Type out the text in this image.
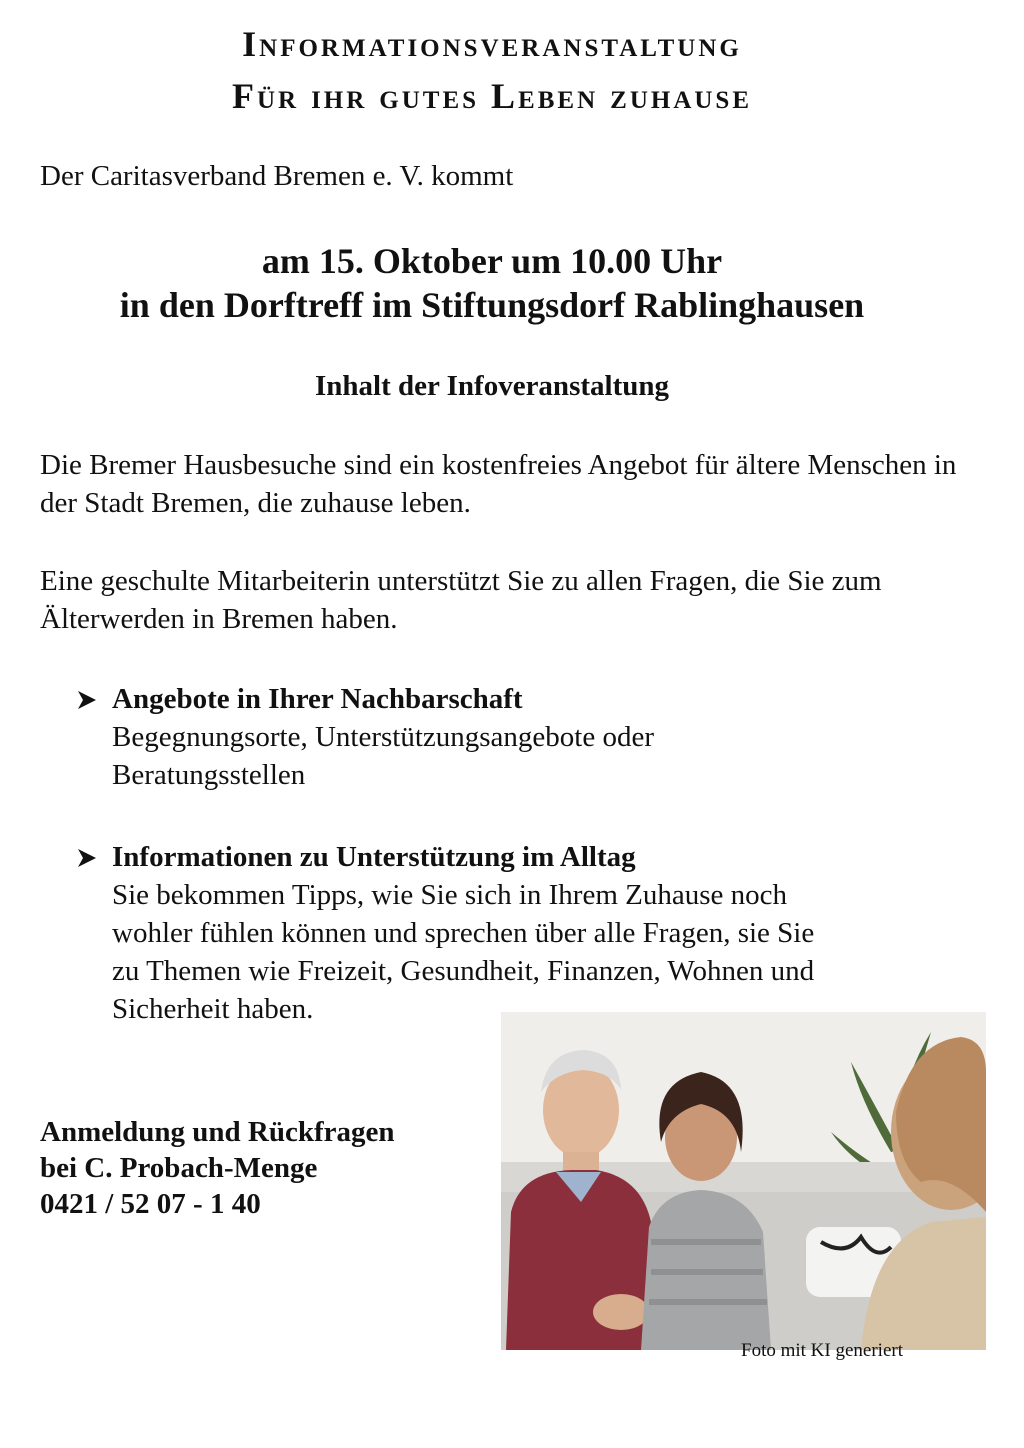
Informationsveranstaltung
Für ihr gutes Leben zuhause

Der Caritasverband Bremen e. V. kommt

am 15. Oktober um 10.00 Uhr
in den Dorftreff im Stiftungsdorf Rablinghausen
Inhalt der Infoveranstaltung

Die Bremer Hausbesuche sind ein kostenfreies Angebot für ältere Menschen in der Stadt Bremen, die zuhause leben.

Eine geschulte Mitarbeiterin unterstützt Sie zu allen Fragen, die Sie zum Älterwerden in Bremen haben.

Angebote in Ihrer Nachbarschaft

Begegnungsorte, Unterstützungsangebote oder

Beratungsstellen

Informationen zu Unterstützung im Alltag

Sie bekommen Tipps, wie Sie sich in Ihrem Zuhause noch

wohler fühlen können und sprechen über alle Fragen, sie Sie

zu Themen wie Freizeit, Gesundheit, Finanzen, Wohnen und

Sicherheit haben.

Anmeldung und Rückfragen
bei C. Probach-Menge
0421 / 52 07 - 1 40

Foto mit KI generiert
